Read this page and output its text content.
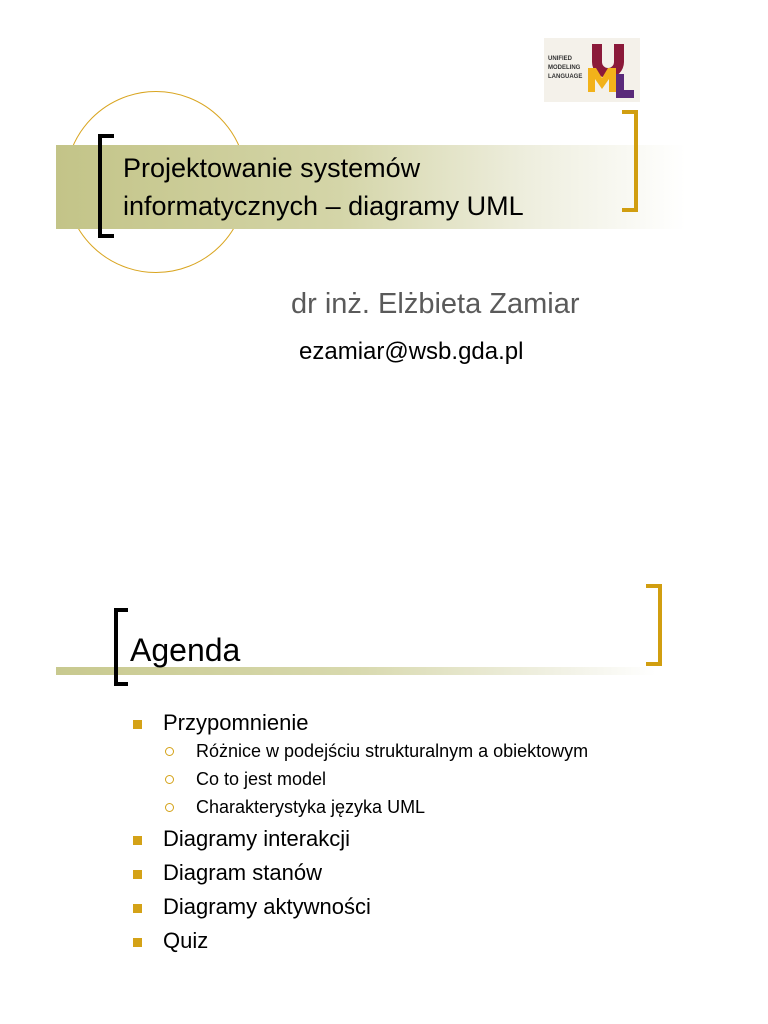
UNIFIED
MODELING
LANGUAGE
Projektowanie systemów
informatycznych – diagramy UML
dr inż. Elżbieta Zamiar
ezamiar@wsb.gda.pl
Agenda
Przypomnienie
Różnice w podejściu strukturalnym a obiektowym
Co to jest model
Charakterystyka języka UML
Diagramy interakcji
Diagram stanów
Diagramy aktywności
Quiz
